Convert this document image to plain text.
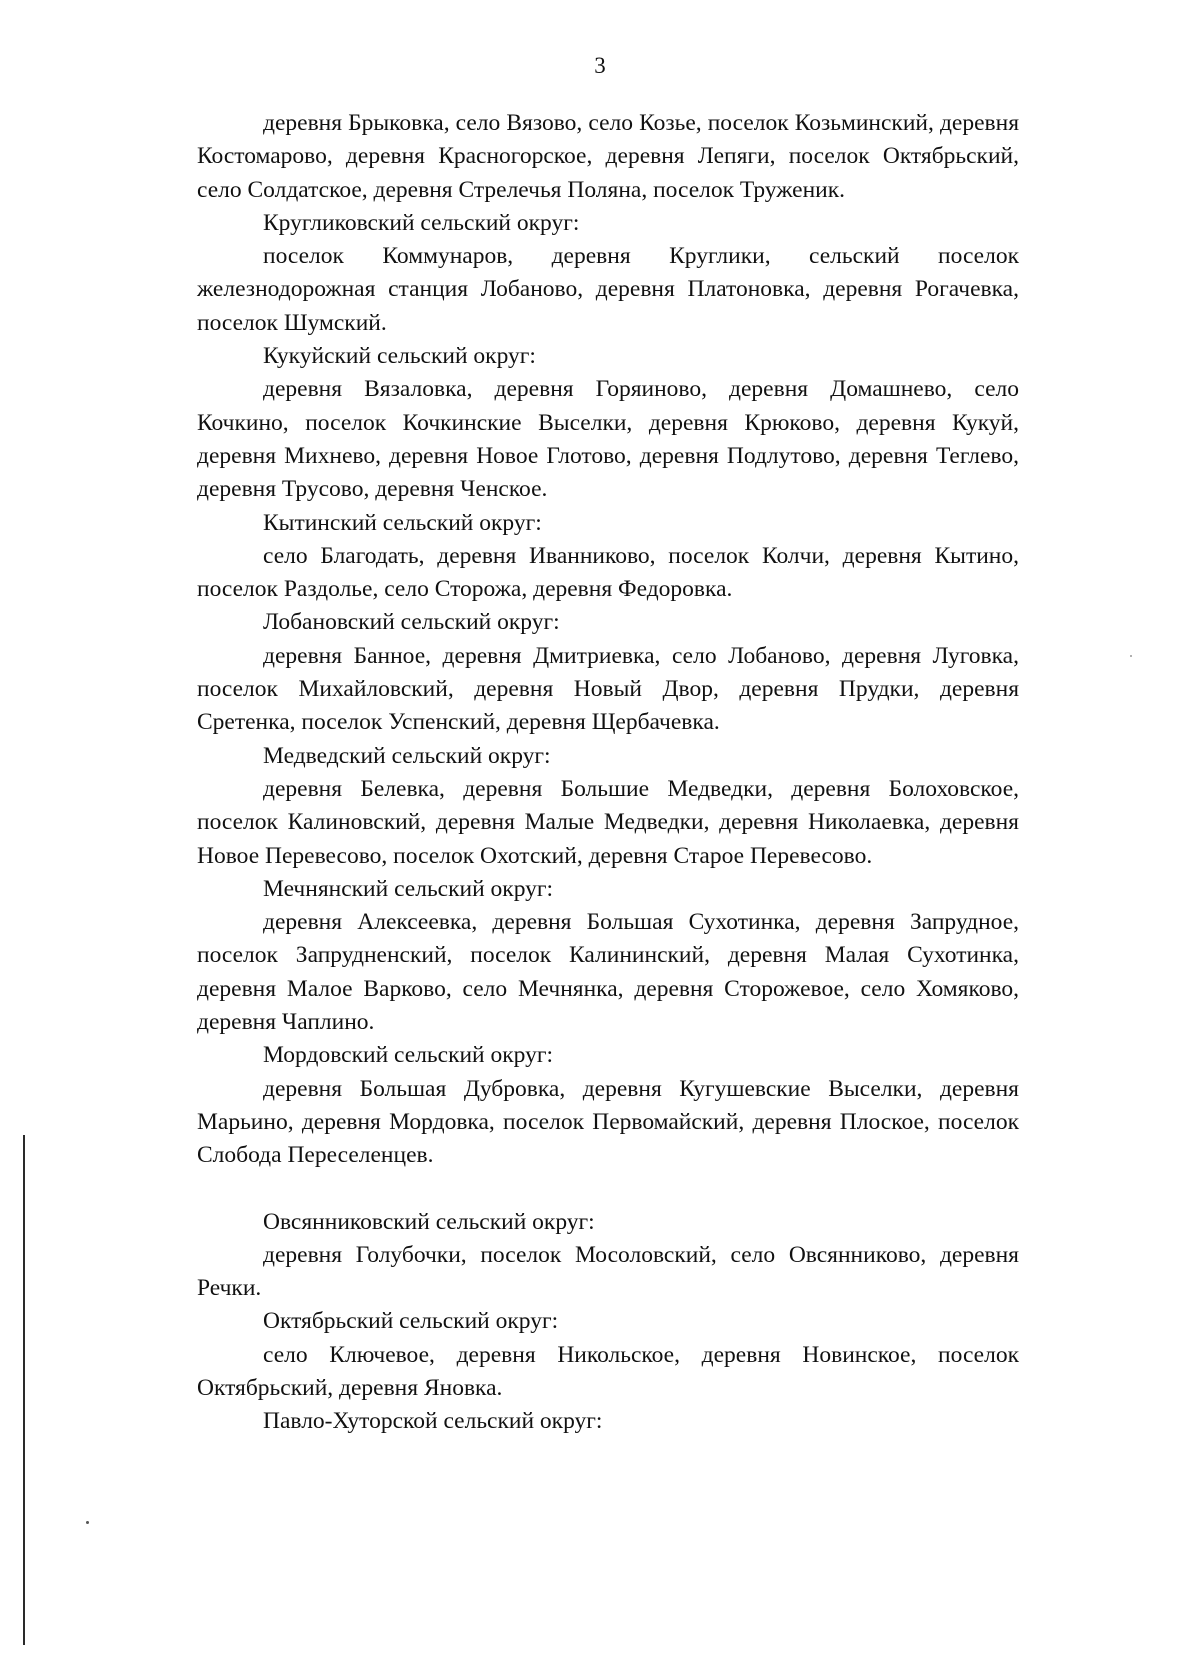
3

деревня Брыковка, село Вязово, село Козье, поселок Козьминский, деревня Костомарово, деревня Красногорское, деревня Лепяги, поселок Октябрьский, село Солдатское, деревня Стрелечья Поляна, поселок Труженик.

Кругликовский сельский округ:

поселок Коммунаров, деревня Круглики, сельский поселок железнодорожная станция Лобаново, деревня Платоновка, деревня Рогачевка, поселок Шумский.

Кукуйский сельский округ:

деревня Вязаловка, деревня Горяиново, деревня Домашнево, село Кочкино, поселок Кочкинские Выселки, деревня Крюково, деревня Кукуй, деревня Михнево, деревня Новое Глотово, деревня Подлутово, деревня Теглево, деревня Трусово, деревня Ченское.

Кытинский сельский округ:

село Благодать, деревня Иванниково, поселок Колчи, деревня Кытино, поселок Раздолье, село Сторожа, деревня Федоровка.

Лобановский сельский округ:

деревня Банное, деревня Дмитриевка, село Лобаново, деревня Луговка, поселок Михайловский, деревня Новый Двор, деревня Прудки, деревня Сретенка, поселок Успенский, деревня Щербачевка.

Медведский сельский округ:

деревня Белевка, деревня Большие Медведки, деревня Болоховское, поселок Калиновский, деревня Малые Медведки, деревня Николаевка, деревня Новое Перевесово, поселок Охотский, деревня Старое Перевесово.

Мечнянский сельский округ:

деревня Алексеевка, деревня Большая Сухотинка, деревня Запрудное, поселок Запрудненский, поселок Калининский, деревня Малая Сухотинка, деревня Малое Варково, село Мечнянка, деревня Сторожевое, село Хомяково, деревня Чаплино.

Мордовский сельский округ:

деревня Большая Дубровка, деревня Кугушевские Выселки, деревня Марьино, деревня Мордовка, поселок Первомайский, деревня Плоское, поселок Слобода Переселенцев.

Овсянниковский сельский округ:

деревня Голубочки, поселок Мосоловский, село Овсянниково, деревня Речки.

Октябрьский сельский округ:

село Ключевое, деревня Никольское, деревня Новинское, поселок Октябрьский, деревня Яновка.

Павло-Хуторской сельский округ:
